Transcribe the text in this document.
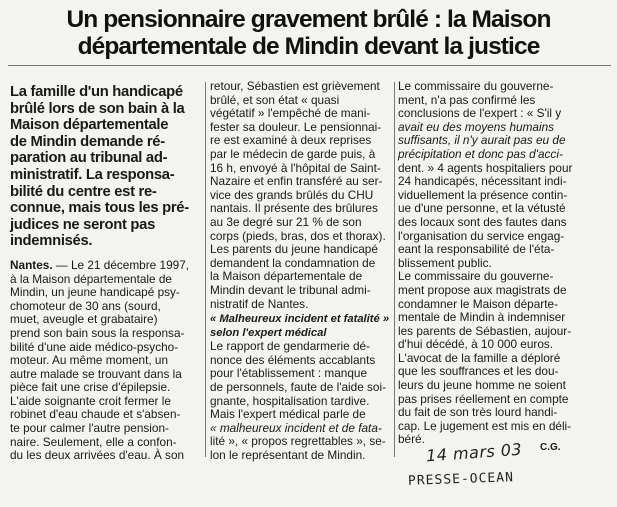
Un pensionnaire gravement brûlé : la Maison
départementale de Mindin devant la justice
La famille d'un handicapé
brûlé lors de son bain à la
Maison départementale
de Mindin demande ré-
paration au tribunal ad-
ministratif. La responsa-
bilité du centre est re-
connue, mais tous les pré-
judices ne seront pas
indemnisés.
Nantes. — Le 21 décembre 1997,
à la Maison départementale de
Mindin, un jeune handicapé psy-
chomoteur de 30 ans (sourd,
muet, aveugle et grabataire)
prend son bain sous la responsa-
bilité d'une aide médico-psycho-
moteur. Au même moment, un
autre malade se trouvant dans la
pièce fait une crise d'épilepsie.
L'aide soignante croit fermer le
robinet d'eau chaude et s'absen-
te pour calmer l'autre pension-
naire. Seulement, elle a confon-
du les deux arrivées d'eau. À son
retour, Sébastien est grièvement
brûlé, et son état « quasi
végétatif » l'empêché de mani-
fester sa douleur. Le pensionnai-
re est examiné à deux reprises
par le médecin de garde puis, à
16 h, envoyé à l'hôpital de Saint-
Nazaire et enfin transféré au ser-
vice des grands brûlés du CHU
nantais. Il présente des brûlures
au 3e degré sur 21 % de son
corps (pieds, bras, dos et thorax).
Les parents du jeune handicapé
demandent la condamnation de
la Maison départementale de
Mindin devant le tribunal admi-
nistratif de Nantes.
« Malheureux incident et fatalité »
selon l'expert médical
Le rapport de gendarmerie dé-
nonce des éléments accablants
pour l'établissement : manque
de personnels, faute de l'aide soi-
gnante, hospitalisation tardive.
Mais l'expert médical parle de
« malheureux incident et de fata-
lité », « propos regrettables », se-
lon le représentant de Mindin.
Le commissaire du gouverne-
ment, n'a pas confirmé les
conclusions de l'expert : « S'il y
avait eu des moyens humains
suffisants, il n'y aurait pas eu de
précipitation et donc pas d'acci-
dent. » 4 agents hospitaliers pour
24 handicapés, nécessitant indi-
viduellement la présence contin-
ue d'une personne, et la vétusté
des locaux sont des fautes dans
l'organisation du service engag-
eant la responsabilité de l'éta-
blissement public.
Le commissaire du gouverne-
ment propose aux magistrats de
condamner le Maison départe-
mentale de Mindin à indemniser
les parents de Sébastien, aujour-
d'hui décédé, à 10 000 euros.
L'avocat de la famille a déploré
que les souffrances et les dou-
leurs du jeune homme ne soient
pas prises réellement en compte
du fait de son très lourd handi-
cap. Le jugement est mis en déli-
béré.
14 mars 03 C.G.
PRESSE-OCEAN
